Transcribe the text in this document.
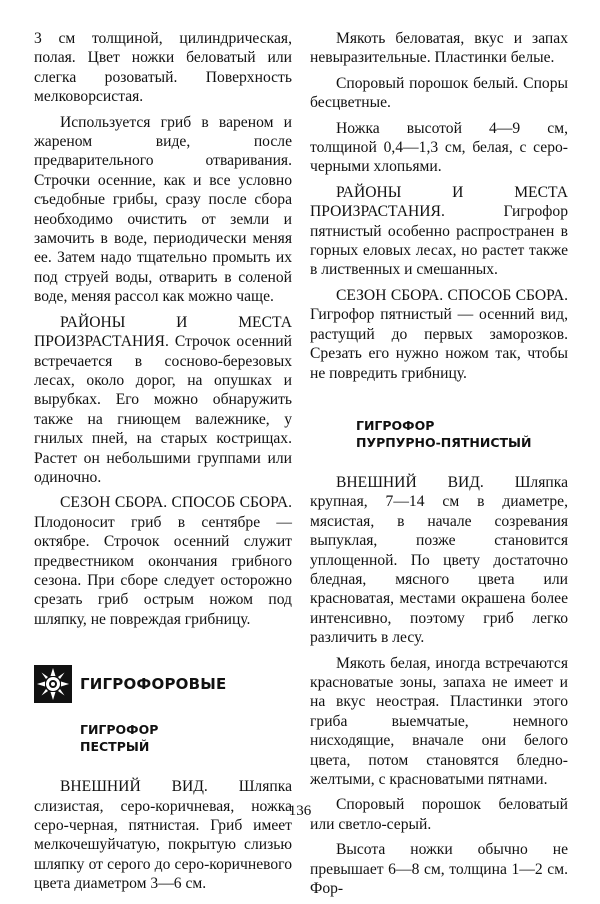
3 см толщиной, цилиндрическая, полая. Цвет ножки беловатый или слегка розоватый. Поверхность мелковорсистая.

Используется гриб в вареном и жареном виде, после предварительного отваривания. Строчки осенние, как и все условно съедобные грибы, сразу после сбора необходимо очистить от земли и замочить в воде, периодически меняя ее. Затем надо тщательно промыть их под струей воды, отварить в соленой воде, меняя рассол как можно чаще.

РАЙОНЫ И МЕСТА ПРОИЗРАСТАНИЯ. Строчок осенний встречается в сосново-березовых лесах, около дорог, на опушках и вырубках. Его можно обнаружить также на гниющем валежнике, у гнилых пней, на старых кострищах. Растет он небольшими группами или одиночно.

СЕЗОН СБОРА. СПОСОБ СБОРА. Плодоносит гриб в сентябре — октябре. Строчок осенний служит предвестником окончания грибного сезона. При сборе следует осторожно срезать гриб острым ножом под шляпку, не повреждая грибницу.

ГИГРОФОРОВЫЕ
ГИГРОФОР
ПЕСТРЫЙ

ВНЕШНИЙ ВИД. Шляпка слизистая, серо-коричневая, ножка серо-черная, пятнистая. Гриб имеет мелкочешуйчатую, покрытую слизью шляпку от серого до серо-коричневого цвета диаметром 3—6 см.

Мякоть беловатая, вкус и запах невыразительные. Пластинки белые.

Споровый порошок белый. Споры бесцветные.

Ножка высотой 4—9 см, толщиной 0,4—1,3 см, белая, с серо-черными хлопьями.

РАЙОНЫ И МЕСТА ПРОИЗРАСТАНИЯ. Гигрофор пятнистый особенно распространен в горных еловых лесах, но растет также в лиственных и смешанных.

СЕЗОН СБОРА. СПОСОБ СБОРА. Гигрофор пятнистый — осенний вид, растущий до первых заморозков. Срезать его нужно ножом так, чтобы не повредить грибницу.

ГИГРОФОР
ПУРПУРНО-ПЯТНИСТЫЙ

ВНЕШНИЙ ВИД. Шляпка крупная, 7—14 см в диаметре, мясистая, в начале созревания выпуклая, позже становится уплощенной. По цвету достаточно бледная, мясного цвета или красноватая, местами окрашена более интенсивно, поэтому гриб легко различить в лесу.

Мякоть белая, иногда встречаются красноватые зоны, запаха не имеет и на вкус неострая. Пластинки этого гриба выемчатые, немного нисходящие, вначале они белого цвета, потом становятся бледно-желтыми, с красноватыми пятнами.

Споровый порошок беловатый или светло-серый.

Высота ножки обычно не превышает 6—8 см, толщина 1—2 см. Фор-

136
